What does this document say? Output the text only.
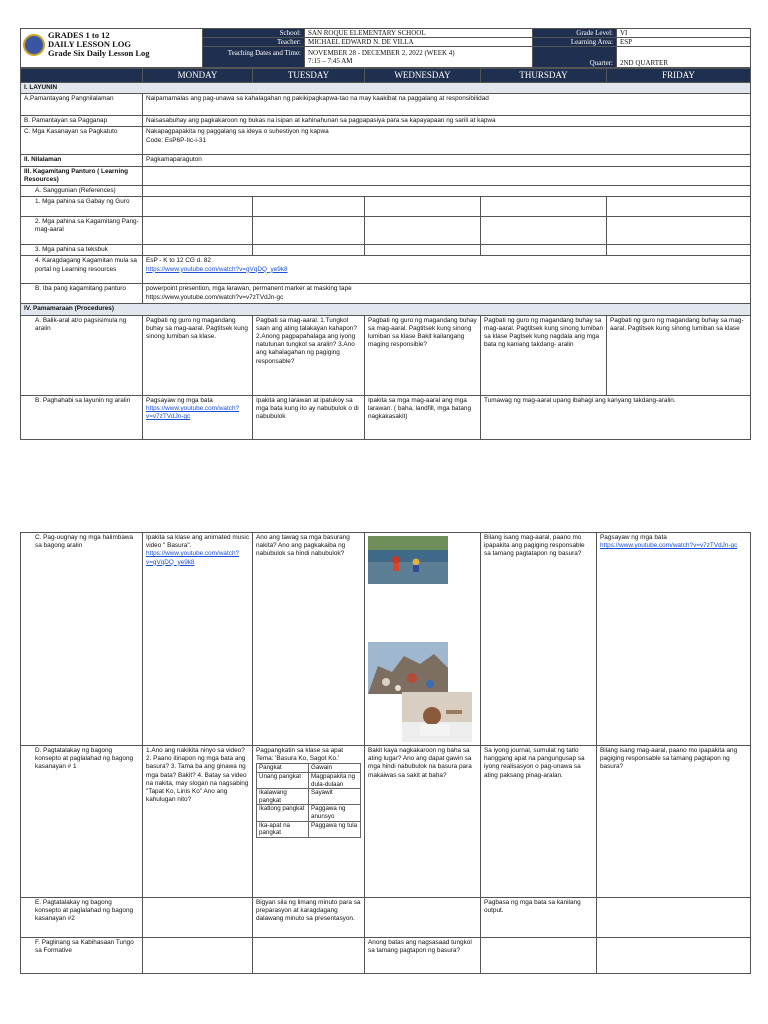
GRADES 1 to 12
DAILY LESSON LOG
Grade Six Daily Lesson Log	School:	SAN ROQUE ELEMENTARY SCHOOL	Grade Level:	VI
	Teacher:	MICHAEL EDWARD N. DE VILLA	Learning Area:	ESP
	Teaching Dates and Time:	NOVEMBER 28 - DECEMBER 2, 2022 (WEEK 4)
7:15 – 7:45 AM	Quarter:	2ND QUARTER
	MONDAY	TUESDAY	WEDNESDAY	THURSDAY	FRIDAY
I. LAYUNIN					
A.Pamantayang Pangnilalaman	Naipamamalas ang pag-unawa sa kahalagahan ng pakikipagkapwa-tao na may kaakibat na paggalang at responsibilidad				
B. Pamantayan sa Pagganap	Naisasabuhay ang pagkakaroon ng bukas na isipan at kahinahunan sa pagpapasiya para sa kapayapaan ng sarili at kapwa				
C. Mga Kasanayan sa Pagkatuto	Nakapagpapakita ng paggalang sa ideya o suhestiyon ng kapwa
Code: EsP6P-IIc-i-31				

II. Nilalaman	Pagkamaparaguton				
III. Kagamitang Panturo ( Learning Resources)					
A. Sanggunian (References)					
1. Mga pahina sa Gabay ng Guro					
2. Mga pahina sa Kagamitang Pang-mag-aaral					
3. Mga pahina sa teksbuk					
4. Karagdagang Kagamitan mula sa portal ng Learning resources	EsP - K to 12 CG d. 82
https://www.youtube.com/watch?v=gVqDQ_ye9k8				

B. Iba pang kagamitang panturo	powerpoint presention, mga larawan, permanent marker at masking tape
https://www.youtube.com/watch?v=v7zTVdJn-gc				

IV. Pamamaraan (Procedures)					
A. Balik-aral at/o pagsisimula ng aralin	Pagbati ng guro ng magandang buhay sa mag-aaral. Pagtitsek kung sinong lumiban sa klase.	Pagbati sa mag-aaral. 1.Tungkol saan ang ating talakayan kahapon? 2.Anong pagpapahalaga ang iyong natutunan tungkol sa aralin? 3.Ano ang kahalagahan ng pagiging responsable?	Pagbati ng guro ng magandang buhay sa mag-aaral. Pagtitsek kung sinong lumiban sa klase Bakit kailangang maging responsible?	Pagbati ng guro ng magandang buhay sa mag-aaral. Pagtitsek kung sinong lumiban sa klase Pagtsek kung nagdala ang mga bata ng kaniang takdang- aralin	Pagbati ng guro ng magandang buhay sa mag-aaral. Pagtitsek kung sinong lumiban sa klase
B. Paghahabi sa layunin ng aralin	Pagsayaw ng mga bata
https://www.youtube.com/watch?v=v7zTVdJn-gc	Ipakita ang larawan at ipatukoy sa mga bata kung ito ay nabubulok o di nabubulok	Ipakita sa mga mag-aaral ang mga larawan. ( baha, landfill, mga batang nagkakasakit)	Tumawag ng mag-aaral upang ibahagi ang kanyang takdang-aralin.	
C. Pag-uugnay ng mga halimbawa sa bagong aralin	
Ipakita sa klase ang animated music video " Basura".
https://www.youtube.com/watch?v=gVqDQ_ye9k8
	Ano ang tawag sa mga basurang nakita? Ano ang pagkakaiba ng nabubulok sa hindi nabubulok?	
	Bilang isang mag-aaral, paano mo ipapakita ang pagiging responsable sa tamang pagtatapon ng basura?	
Pagsayaw ng mga bata
https://www.youtube.com/watch?v=v7zTVdJn-gc

D. Pagtatalakay ng bagong konsepto at paglalahad ng bagong kasanayan # 1	1.Ano ang nakikita ninyo sa video? 2. Paano itinapon ng mga bata ang basura? 3. Tama ba ang ginawa ng mga bata? Bakit? 4. Batay sa video na nakita, may slogan na nagsabing "Tapat Ko, Linis Ko" Ano ang kahulugan nito?	
Pagpangkatin sa klase sa apat Tema: 'Basura Ko, Sagot Ko.'
Pangkat	Gawain
Unang pangkat	Magpapakita ng dula-dulaan
Ikalawang pangkat	Sayawit
Ikatlong pangkat	Paggawa ng anunsyo
Ika-apat na pangkat	Paggawa ng tula
	Bakit kaya nagkakaroon ng baha sa ating lugar? Ano ang dapat gawin sa mga hindi nabubulok na basura para makaiwas sa sakit at baha?	Sa iyong journal, sumulat ng tatlo hanggang apat na pangungusap sa iyong realisasyon o pag-unawa sa ating paksang pinag-aralan.	Bilang isang mag-aaral, paano mo ipapakita ang pagiging responsable sa tamang pagtapon ng basura?
E. Pagtatalakay ng bagong konsepto at paglalahad ng bagong kasanayan #2		Bigyan sila ng limang minuto para sa preparasyon at karagdagang dalawang minuto sa presentasyon.		Pagbasa ng mga bata sa kanilang output.	
F. Paglinang sa Kabihasaan Tungo sa Formative			Anong batas ang nagsasaad tungkol sa tamang pagtapon ng basura?		
